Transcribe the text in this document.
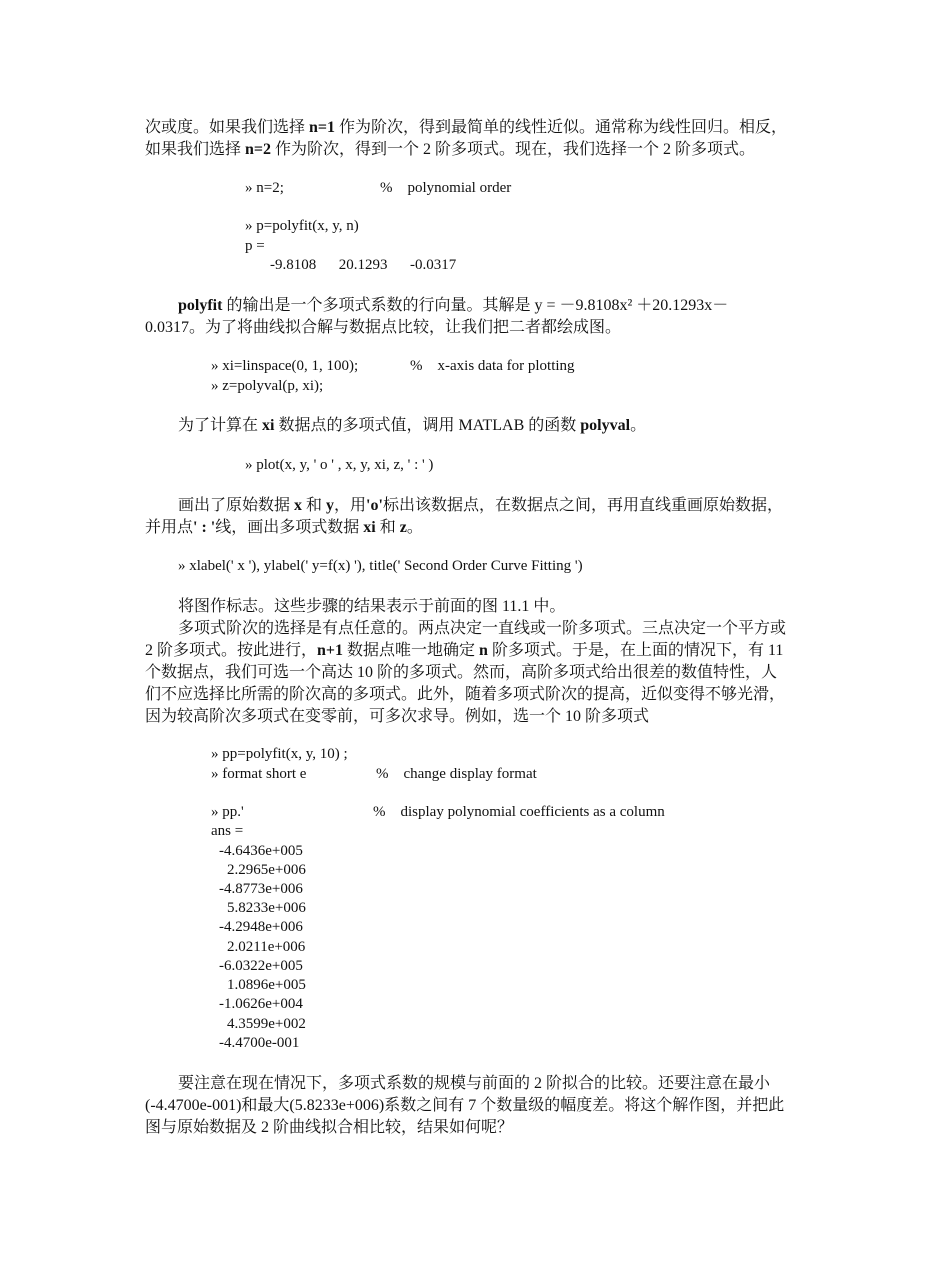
次或度。如果我们选择 n=1 作为阶次，得到最简单的线性近似。通常称为线性回归。相反，
如果我们选择 n=2 作为阶次，得到一个 2 阶多项式。现在，我们选择一个 2 阶多项式。
» n=2;	%    polynomial order
» p=polyfit(x, y, n)
p =
-9.8108      20.1293      -0.0317
polyfit 的输出是一个多项式系数的行向量。其解是 y = －9.8108x² ＋20.1293x－
0.0317。为了将曲线拟合解与数据点比较，让我们把二者都绘成图。
» xi=linspace(0, 1, 100);	%    x-axis data for plotting
» z=polyval(p, xi);
为了计算在 xi 数据点的多项式值，调用 MATLAB 的函数 polyval。
» plot(x, y, ' o ' , x, y, xi, z, ' : ' )
画出了原始数据 x 和 y，用'o'标出该数据点，在数据点之间，再用直线重画原始数据，
并用点' : '线，画出多项式数据 xi 和 z。
» xlabel(' x '), ylabel(' y=f(x) '), title(' Second Order Curve Fitting ')
将图作标志。这些步骤的结果表示于前面的图 11.1 中。
多项式阶次的选择是有点任意的。两点决定一直线或一阶多项式。三点决定一个平方或
2 阶多项式。按此进行，n+1 数据点唯一地确定 n 阶多项式。于是，在上面的情况下，有 11
个数据点，我们可选一个高达 10 阶的多项式。然而，高阶多项式给出很差的数值特性，人
们不应选择比所需的阶次高的多项式。此外，随着多项式阶次的提高，近似变得不够光滑，
因为较高阶次多项式在变零前，可多次求导。例如，选一个 10 阶多项式
» pp=polyfit(x, y, 10) ;
» format short e	%    change display format
» pp.'	%    display polynomial coefficients as a column
ans =
-4.6436e+005
2.2965e+006
-4.8773e+006
5.8233e+006
-4.2948e+006
2.0211e+006
-6.0322e+005
1.0896e+005
-1.0626e+004
4.3599e+002
-4.4700e-001
要注意在现在情况下，多项式系数的规模与前面的 2 阶拟合的比较。还要注意在最小
(-4.4700e-001)和最大(5.8233e+006)系数之间有 7 个数量级的幅度差。将这个解作图，并把此
图与原始数据及 2 阶曲线拟合相比较，结果如何呢？
